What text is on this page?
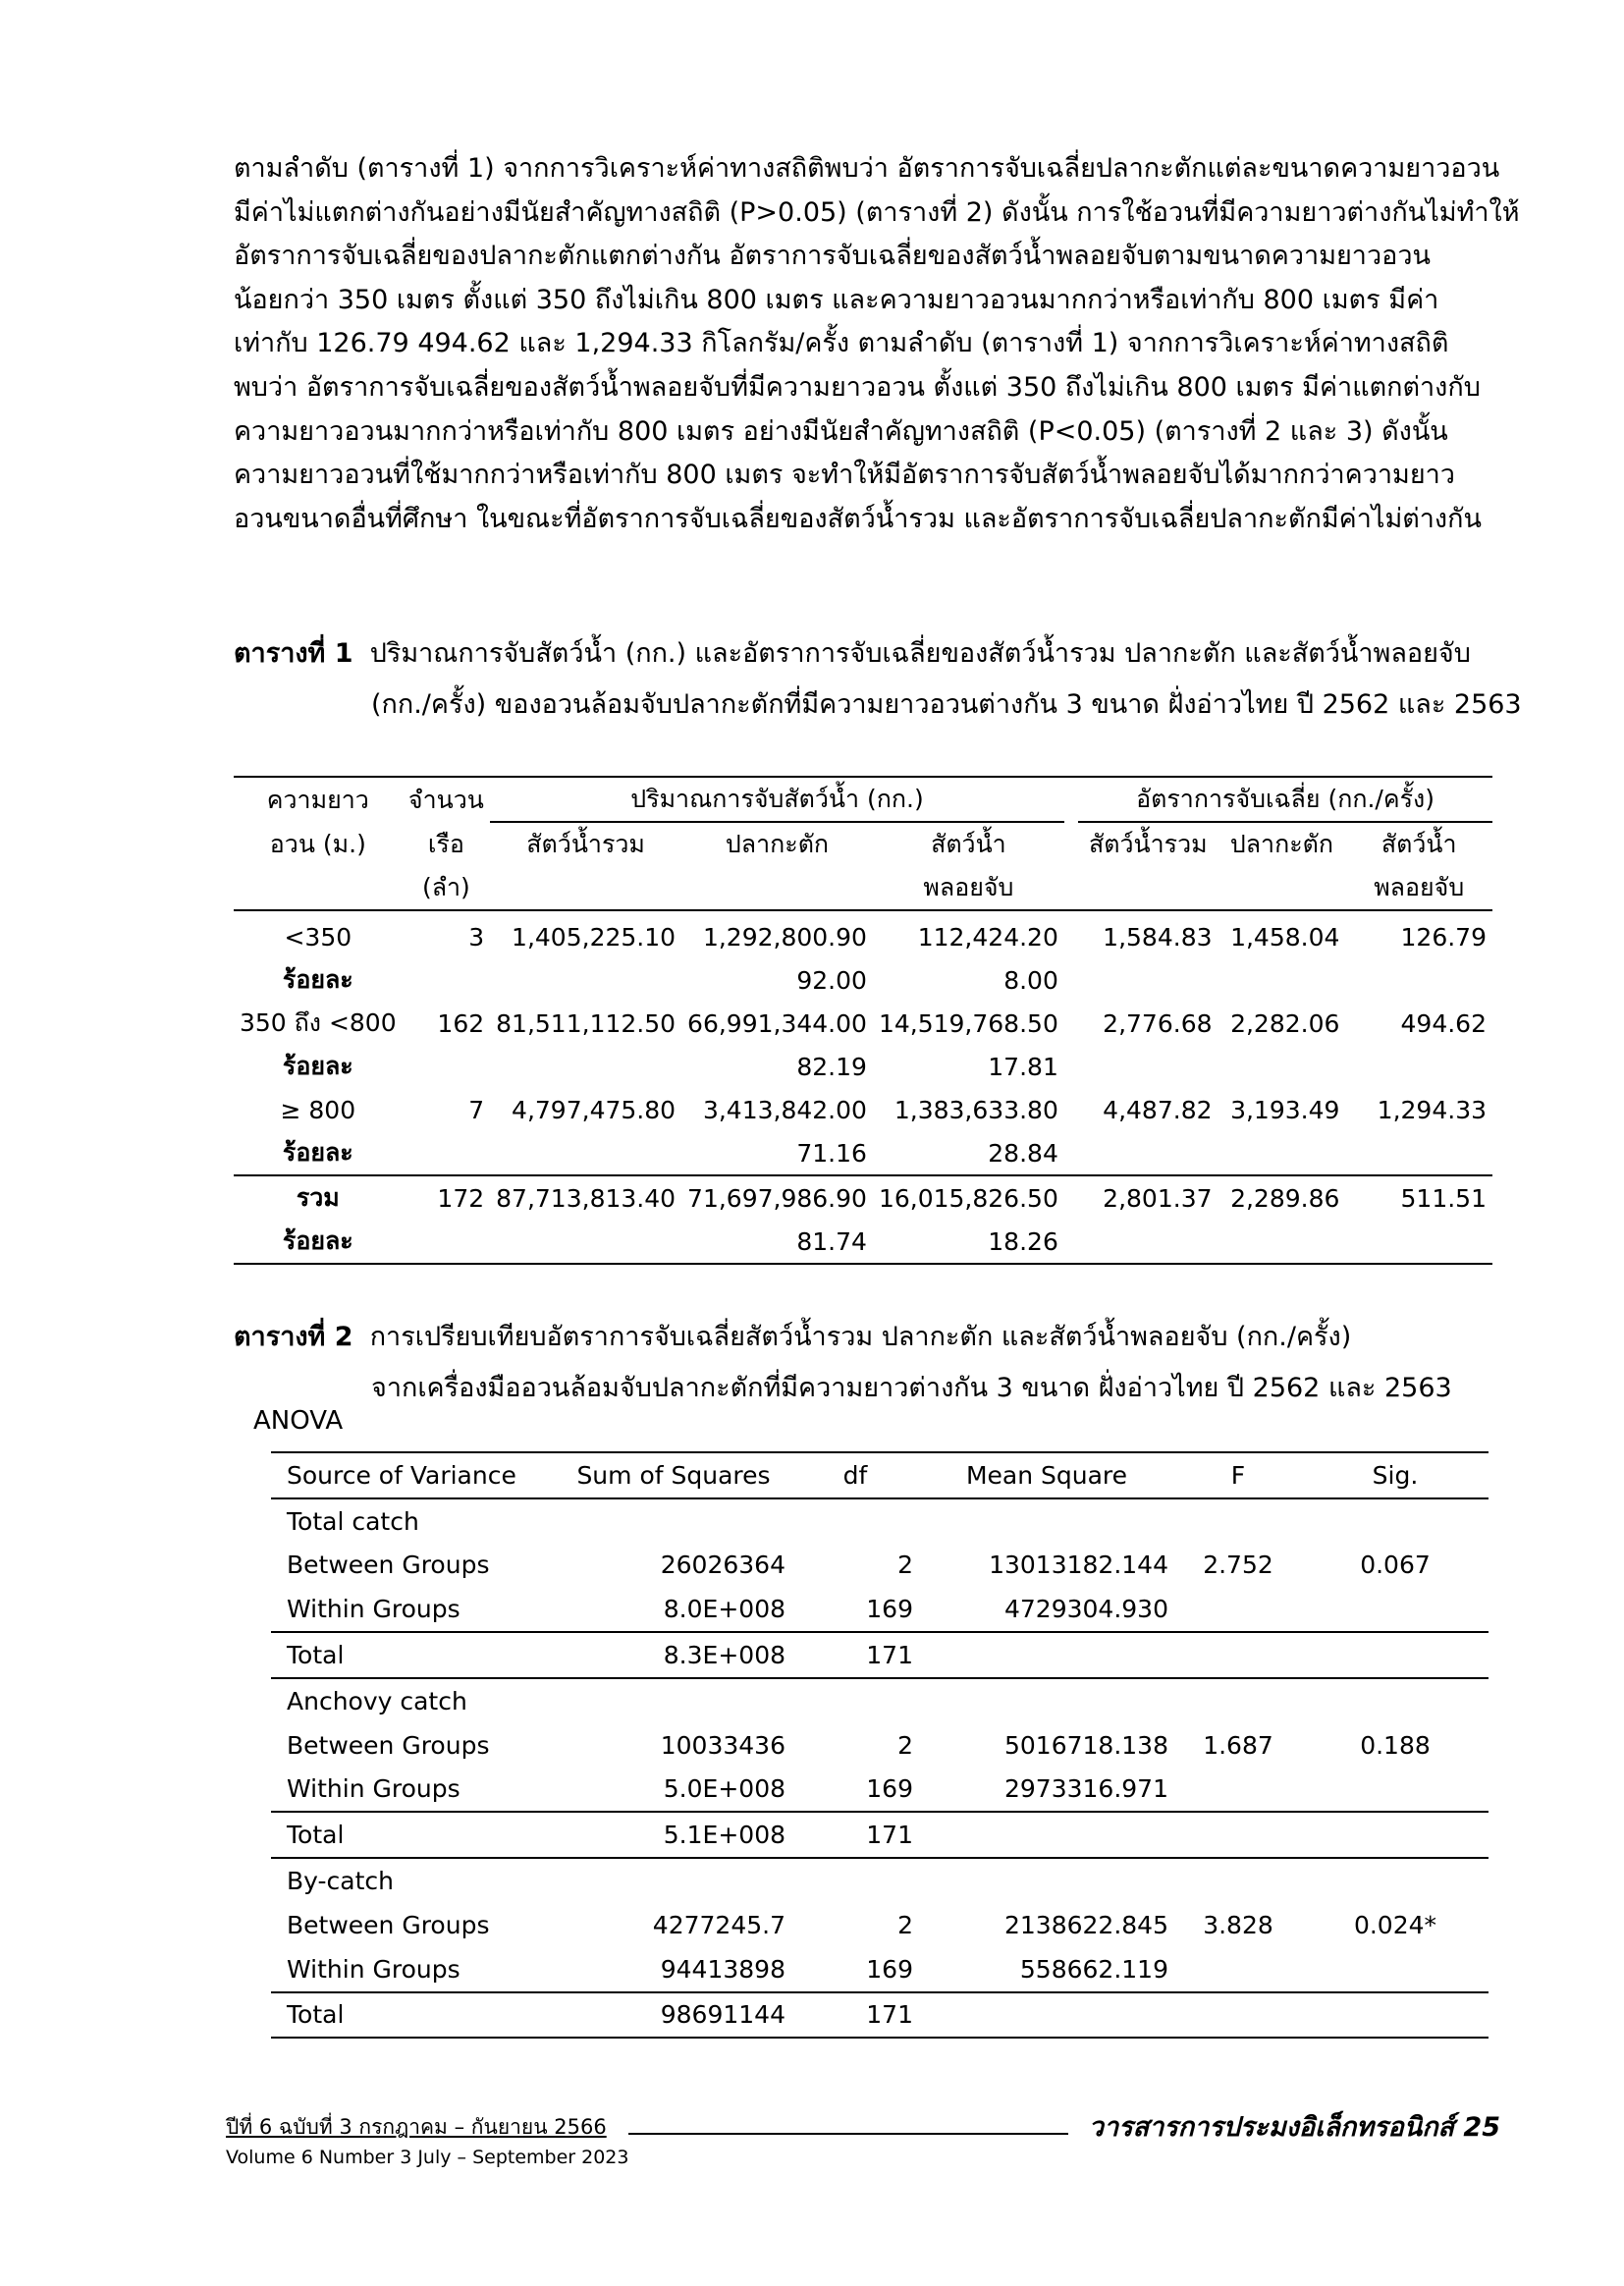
ตามลำดับ (ตารางที่ 1) จากการวิเคราะห์ค่าทางสถิติพบว่า อัตราการจับเฉลี่ยปลากะตักแต่ละขนาดความยาวอวน
มีค่าไม่แตกต่างกันอย่างมีนัยสำคัญทางสถิติ (P>0.05) (ตารางที่ 2) ดังนั้น การใช้อวนที่มีความยาวต่างกันไม่ทำให้
อัตราการจับเฉลี่ยของปลากะตักแตกต่างกัน อัตราการจับเฉลี่ยของสัตว์น้ำพลอยจับตามขนาดความยาวอวน
น้อยกว่า 350 เมตร ตั้งแต่ 350 ถึงไม่เกิน 800 เมตร และความยาวอวนมากกว่าหรือเท่ากับ 800 เมตร มีค่า
เท่ากับ 126.79 494.62 และ 1,294.33 กิโลกรัม/ครั้ง ตามลำดับ (ตารางที่ 1) จากการวิเคราะห์ค่าทางสถิติ
พบว่า อัตราการจับเฉลี่ยของสัตว์น้ำพลอยจับที่มีความยาวอวน ตั้งแต่ 350 ถึงไม่เกิน 800 เมตร มีค่าแตกต่างกับ
ความยาวอวนมากกว่าหรือเท่ากับ 800 เมตร อย่างมีนัยสำคัญทางสถิติ (P<0.05) (ตารางที่ 2 และ 3) ดังนั้น
ความยาวอวนที่ใช้มากกว่าหรือเท่ากับ 800 เมตร จะทำให้มีอัตราการจับสัตว์น้ำพลอยจับได้มากกว่าความยาว
อวนขนาดอื่นที่ศึกษา ในขณะที่อัตราการจับเฉลี่ยของสัตว์น้ำรวม และอัตราการจับเฉลี่ยปลากะตักมีค่าไม่ต่างกัน
ตารางที่ 1 ปริมาณการจับสัตว์น้ำ (กก.) และอัตราการจับเฉลี่ยของสัตว์น้ำรวม ปลากะตัก และสัตว์น้ำพลอยจับ
(กก./ครั้ง) ของอวนล้อมจับปลากะตักที่มีความยาวอวนต่างกัน 3 ขนาด ฝั่งอ่าวไทย ปี 2562 และ 2563
ความยาว	จำนวน	ปริมาณการจับสัตว์น้ำ (กก.)				อัตราการจับเฉลี่ย (กก./ครั้ง)		
อวน (ม.)	เรือ	สัตว์น้ำรวม	ปลากะตัก	สัตว์น้ำ		สัตว์น้ำรวม	ปลากะตัก	สัตว์น้ำ
	(ลำ)			พลอยจับ				พลอยจับ

<350	3	1,405,225.10	1,292,800.90	112,424.20		1,584.83	1,458.04	126.79
ร้อยละ			92.00	8.00				
350 ถึง <800	162	81,511,112.50	66,991,344.00	14,519,768.50		2,776.68	2,282.06	494.62
ร้อยละ			82.19	17.81				
≥ 800	7	4,797,475.80	3,413,842.00	1,383,633.80		4,487.82	3,193.49	1,294.33
ร้อยละ			71.16	28.84				
รวม	172	87,713,813.40	71,697,986.90	16,015,826.50		2,801.37	2,289.86	511.51
ร้อยละ			81.74	18.26				
ตารางที่ 2 การเปรียบเทียบอัตราการจับเฉลี่ยสัตว์น้ำรวม ปลากะตัก และสัตว์น้ำพลอยจับ (กก./ครั้ง)
จากเครื่องมืออวนล้อมจับปลากะตักที่มีความยาวต่างกัน 3 ขนาด ฝั่งอ่าวไทย ปี 2562 และ 2563
ANOVA
Source of Variance	Sum of Squares	df	Mean Square	F	Sig.
Total catch					
Between Groups	26026364	2	13013182.144	2.752	0.067
Within Groups	8.0E+008	169	4729304.930		
Total	8.3E+008	171			
Anchovy catch					
Between Groups	10033436	2	5016718.138	1.687	0.188
Within Groups	5.0E+008	169	2973316.971		
Total	5.1E+008	171			
By-catch					
Between Groups	4277245.7	2	2138622.845	3.828	0.024*
Within Groups	94413898	169	558662.119		
Total	98691144	171			
ปีที่ 6 ฉบับที่ 3 กรกฎาคม – กันยายน 2566
Volume 6 Number 3 July – September 2023
วารสารการประมงอิเล็กทรอนิกส์ 25
